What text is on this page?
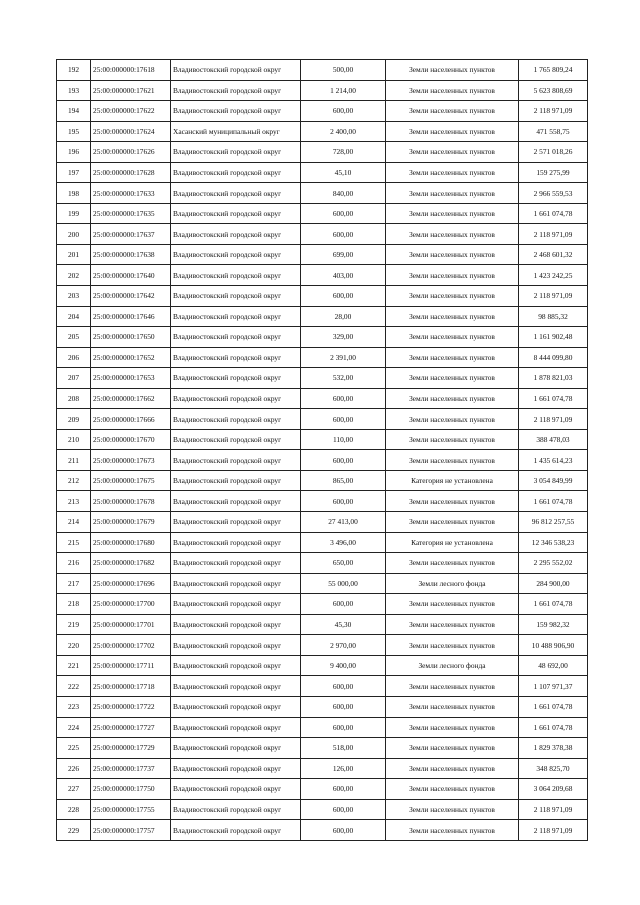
192	25:00:000000:17618	Владивостокский городской округ	500,00	Земли населенных пунктов	1 765 809,24
193	25:00:000000:17621	Владивостокский городской округ	1 214,00	Земли населенных пунктов	5 623 808,69
194	25:00:000000:17622	Владивостокский городской округ	600,00	Земли населенных пунктов	2 118 971,09
195	25:00:000000:17624	Хасанский муниципальный округ	2 400,00	Земли населенных пунктов	471 558,75
196	25:00:000000:17626	Владивостокский городской округ	728,00	Земли населенных пунктов	2 571 018,26
197	25:00:000000:17628	Владивостокский городской округ	45,10	Земли населенных пунктов	159 275,99
198	25:00:000000:17633	Владивостокский городской округ	840,00	Земли населенных пунктов	2 966 559,53
199	25:00:000000:17635	Владивостокский городской округ	600,00	Земли населенных пунктов	1 661 074,78
200	25:00:000000:17637	Владивостокский городской округ	600,00	Земли населенных пунктов	2 118 971,09
201	25:00:000000:17638	Владивостокский городской округ	699,00	Земли населенных пунктов	2 468 601,32
202	25:00:000000:17640	Владивостокский городской округ	403,00	Земли населенных пунктов	1 423 242,25
203	25:00:000000:17642	Владивостокский городской округ	600,00	Земли населенных пунктов	2 118 971,09
204	25:00:000000:17646	Владивостокский городской округ	28,00	Земли населенных пунктов	98 885,32
205	25:00:000000:17650	Владивостокский городской округ	329,00	Земли населенных пунктов	1 161 902,48
206	25:00:000000:17652	Владивостокский городской округ	2 391,00	Земли населенных пунктов	8 444 099,80
207	25:00:000000:17653	Владивостокский городской округ	532,00	Земли населенных пунктов	1 878 821,03
208	25:00:000000:17662	Владивостокский городской округ	600,00	Земли населенных пунктов	1 661 074,78
209	25:00:000000:17666	Владивостокский городской округ	600,00	Земли населенных пунктов	2 118 971,09
210	25:00:000000:17670	Владивостокский городской округ	110,00	Земли населенных пунктов	388 478,03
211	25:00:000000:17673	Владивостокский городской округ	600,00	Земли населенных пунктов	1 435 614,23
212	25:00:000000:17675	Владивостокский городской округ	865,00	Категория не установлена	3 054 849,99
213	25:00:000000:17678	Владивостокский городской округ	600,00	Земли населенных пунктов	1 661 074,78
214	25:00:000000:17679	Владивостокский городской округ	27 413,00	Земли населенных пунктов	96 812 257,55
215	25:00:000000:17680	Владивостокский городской округ	3 496,00	Категория не установлена	12 346 538,23
216	25:00:000000:17682	Владивостокский городской округ	650,00	Земли населенных пунктов	2 295 552,02
217	25:00:000000:17696	Владивостокский городской округ	55 000,00	Земли лесного фонда	284 900,00
218	25:00:000000:17700	Владивостокский городской округ	600,00	Земли населенных пунктов	1 661 074,78
219	25:00:000000:17701	Владивостокский городской округ	45,30	Земли населенных пунктов	159 982,32
220	25:00:000000:17702	Владивостокский городской округ	2 970,00	Земли населенных пунктов	10 488 906,90
221	25:00:000000:17711	Владивостокский городской округ	9 400,00	Земли лесного фонда	48 692,00
222	25:00:000000:17718	Владивостокский городской округ	600,00	Земли населенных пунктов	1 107 971,37
223	25:00:000000:17722	Владивостокский городской округ	600,00	Земли населенных пунктов	1 661 074,78
224	25:00:000000:17727	Владивостокский городской округ	600,00	Земли населенных пунктов	1 661 074,78
225	25:00:000000:17729	Владивостокский городской округ	518,00	Земли населенных пунктов	1 829 378,38
226	25:00:000000:17737	Владивостокский городской округ	126,00	Земли населенных пунктов	348 825,70
227	25:00:000000:17750	Владивостокский городской округ	600,00	Земли населенных пунктов	3 064 209,68
228	25:00:000000:17755	Владивостокский городской округ	600,00	Земли населенных пунктов	2 118 971,09
229	25:00:000000:17757	Владивостокский городской округ	600,00	Земли населенных пунктов	2 118 971,09
